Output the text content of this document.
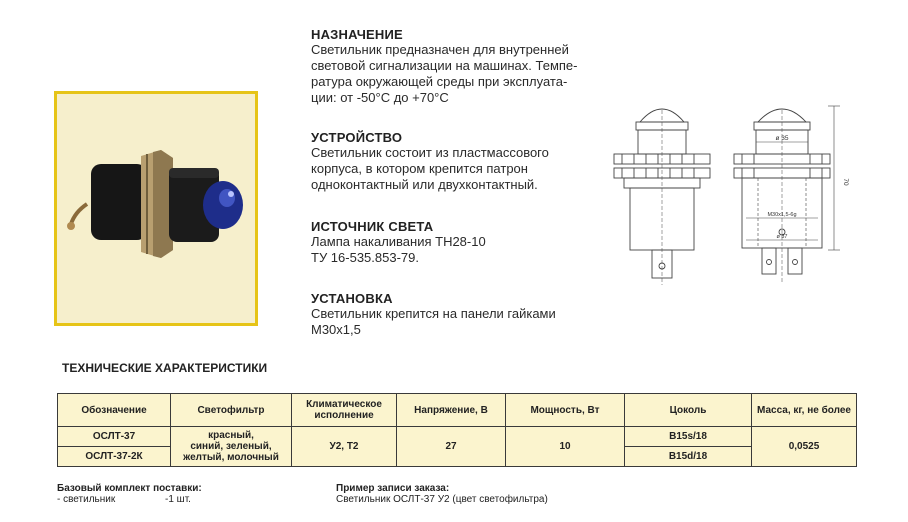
НАЗНАЧЕНИЕ
Светильник предназначен для внутренней
световой сигнализации на машинах. Темпе-
ратура окружающей среды при эксплуата-
ции: от -50°С до +70°С
УСТРОЙСТВО
Светильник состоит из пластмассового
корпуса, в котором крепится патрон
одноконтактный или двухконтактный.
ИСТОЧНИК СВЕТА
Лампа накаливания ТН28-10
ТУ 16-535.853-79.
УСТАНОВКА
Светильник крепится на панели гайками
М30х1,5
ø 35
М30х1,5-6g
ø 37
70
ТЕХНИЧЕСКИЕ ХАРАКТЕРИСТИКИ
Обозначение	Светофильтр	Климатическое
исполнение	Напряжение, В	Мощность, Вт	Цоколь	Масса, кг, не более
ОСЛТ-37	красный,
синий, зеленый,
желтый, молочный	У2, Т2	27	10	B15s/18	0,0525
ОСЛТ-37-2К					B15d/18	
Базовый комплект поставки:
- светильник	-1 шт.
Пример записи заказа:
Светильник ОСЛТ-37 У2 (цвет светофильтра)
